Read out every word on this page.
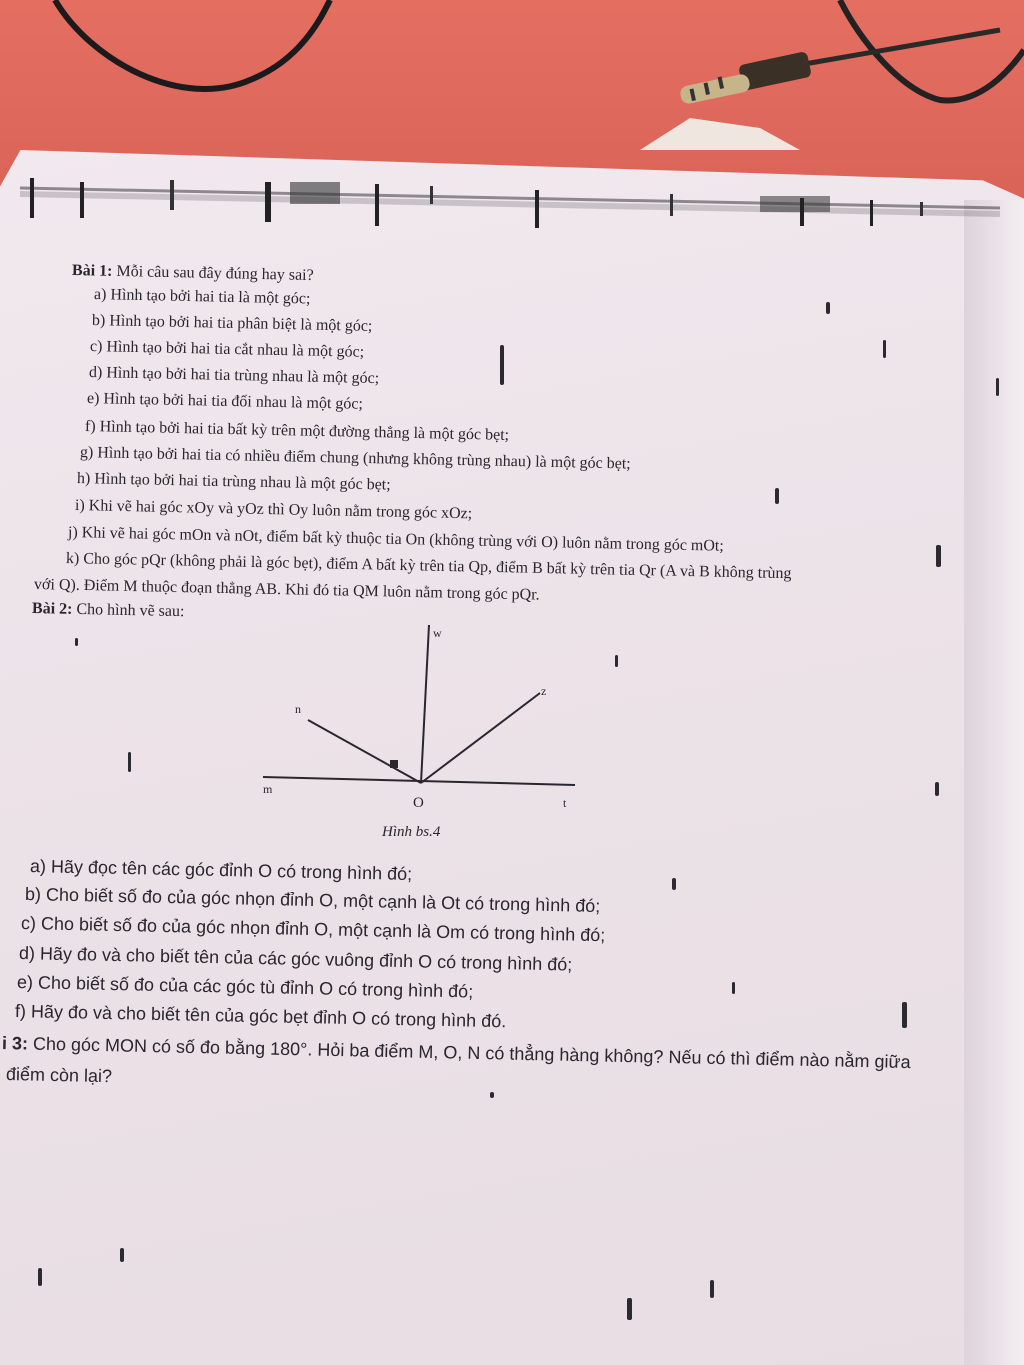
Bài 1: Mỗi câu sau đây đúng hay sai?
a) Hình tạo bởi hai tia là một góc;
b) Hình tạo bởi hai tia phân biệt là một góc;
c) Hình tạo bởi hai tia cắt nhau là một góc;
d) Hình tạo bởi hai tia trùng nhau là một góc;
e) Hình tạo bởi hai tia đối nhau là một góc;
f) Hình tạo bởi hai tia bất kỳ trên một đường thẳng là một góc bẹt;
g) Hình tạo bởi hai tia có nhiều điểm chung (nhưng không trùng nhau) là một góc bẹt;
h) Hình tạo bởi hai tia trùng nhau là một góc bẹt;
i) Khi vẽ hai góc xOy và yOz thì Oy luôn nằm trong góc xOz;
j) Khi vẽ hai góc mOn và nOt, điểm bất kỳ thuộc tia On (không trùng với O) luôn nằm trong góc mOt;
k) Cho góc pQr (không phải là góc bẹt), điểm A bất kỳ trên tia Qp, điểm B bất kỳ trên tia Qr (A và B không trùng
với Q). Điểm M thuộc đoạn thẳng AB. Khi đó tia QM luôn nằm trong góc pQr.
Bài 2: Cho hình vẽ sau:
w
z
n
m
O	t
Hình bs.4
a) Hãy đọc tên các góc đỉnh O có trong hình đó;
b) Cho biết số đo của góc nhọn đỉnh O, một cạnh là Ot có trong hình đó;
c) Cho biết số đo của góc nhọn đỉnh O, một cạnh là Om có trong hình đó;
d) Hãy đo và cho biết tên của các góc vuông đỉnh O có trong hình đó;
e) Cho biết số đo của các góc tù đỉnh O có trong hình đó;
f) Hãy đo và cho biết tên của góc bẹt đỉnh O có trong hình đó.
i 3: Cho góc MON có số đo bằng 180°. Hỏi ba điểm M, O, N có thẳng hàng không? Nếu có thì điểm nào nằm giữa
điểm còn lại?
